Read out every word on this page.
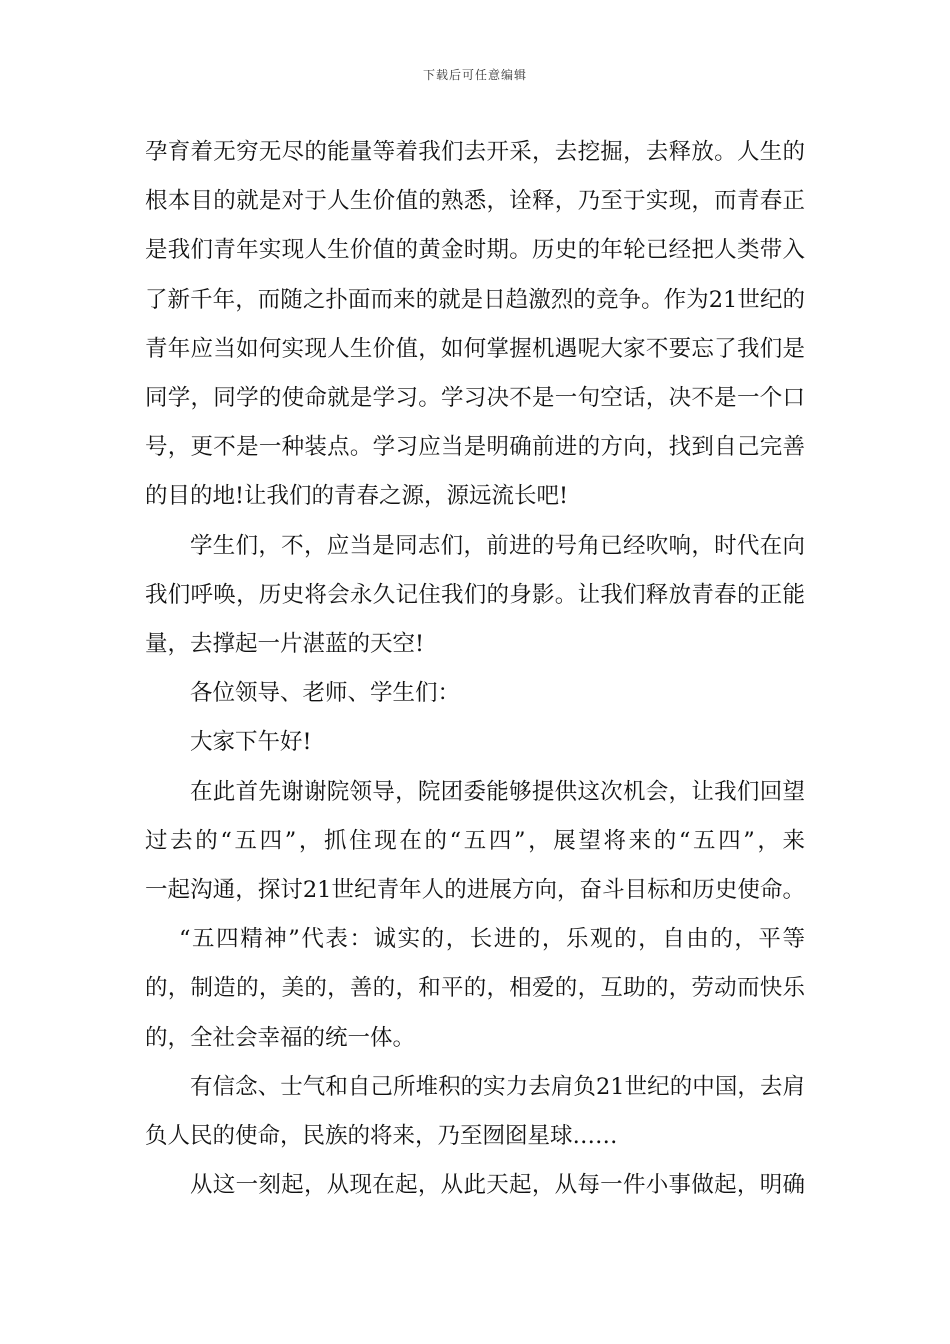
下载后可任意编辑
孕育着无穷无尽的能量等着我们去开采，去挖掘，去释放。人生的
根本目的就是对于人生价值的熟悉，诠释，乃至于实现，而青春正
是我们青年实现人生价值的黄金时期。历史的年轮已经把人类带入
了新千年，而随之扑面而来的就是日趋激烈的竞争。作为21世纪的
青年应当如何实现人生价值，如何掌握机遇呢大家不要忘了我们是
同学，同学的使命就是学习。学习决不是一句空话，决不是一个口
号，更不是一种装点。学习应当是明确前进的方向，找到自己完善
的目的地!让我们的青春之源，源远流长吧!
学生们，不，应当是同志们，前进的号角已经吹响，时代在向
我们呼唤，历史将会永久记住我们的身影。让我们释放青春的正能
量，去撑起一片湛蓝的天空!
各位领导、老师、学生们：
大家下午好!
在此首先谢谢院领导，院团委能够提供这次机会，让我们回望
过去的“五四”，抓住现在的“五四”，展望将来的“五四”，来
一起沟通，探讨21世纪青年人的进展方向，奋斗目标和历史使命。
“五四精神”代表：诚实的，长进的，乐观的，自由的，平等
的，制造的，美的，善的，和平的，相爱的，互助的，劳动而快乐
的，全社会幸福的统一体。
有信念、士气和自己所堆积的实力去肩负21世纪的中国，去肩
负人民的使命，民族的将来，乃至囫囵星球……
从这一刻起，从现在起，从此天起，从每一件小事做起，明确
